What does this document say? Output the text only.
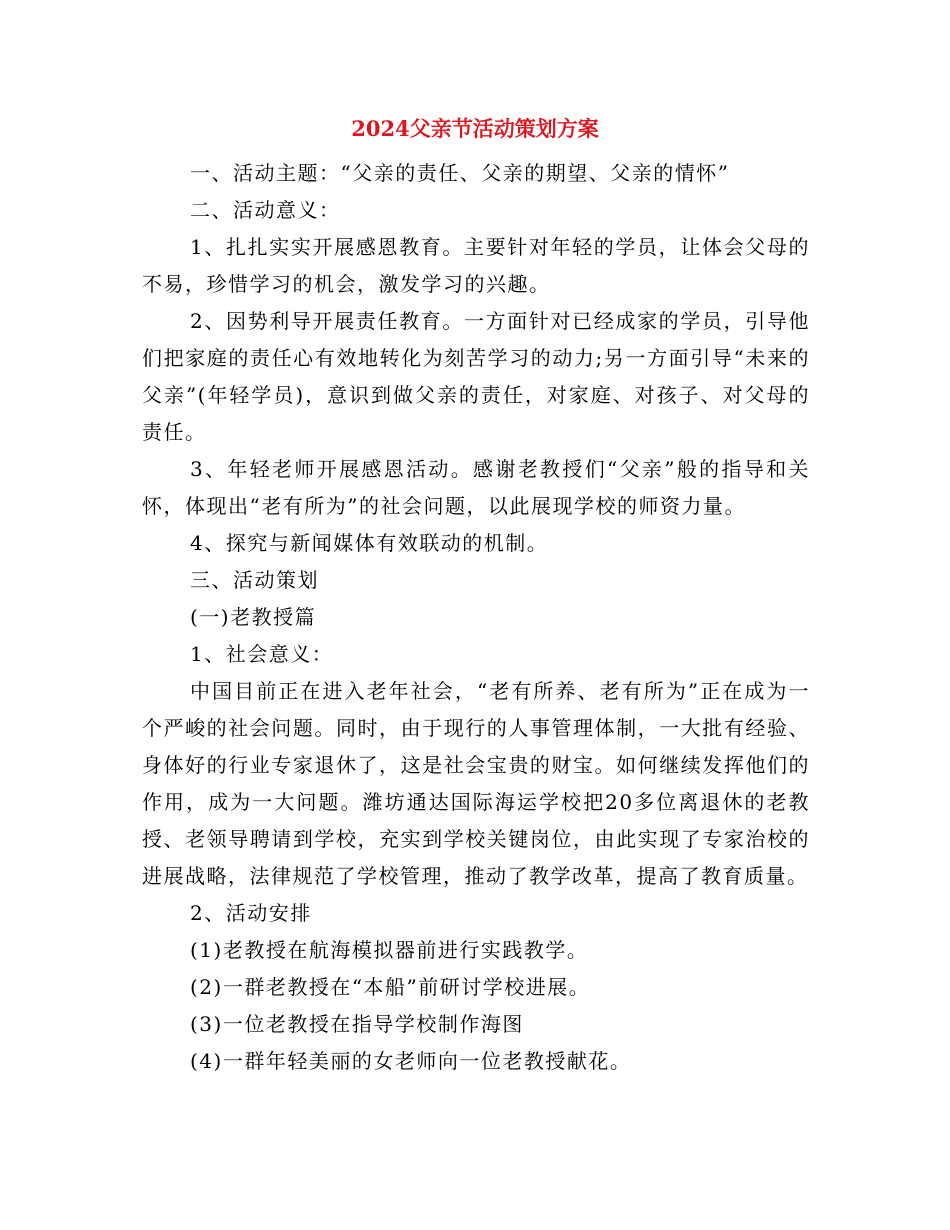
2024父亲节活动策划方案

一、活动主题：“父亲的责任、父亲的期望、父亲的情怀”

二、活动意义：

1、扎扎实实开展感恩教育。主要针对年轻的学员，让体会父母的不易，珍惜学习的机会，激发学习的兴趣。

2、因势利导开展责任教育。一方面针对已经成家的学员，引导他们把家庭的责任心有效地转化为刻苦学习的动力;另一方面引导“未来的父亲”(年轻学员)，意识到做父亲的责任，对家庭、对孩子、对父母的责任。

3、年轻老师开展感恩活动。感谢老教授们“父亲”般的指导和关怀，体现出“老有所为”的社会问题，以此展现学校的师资力量。

4、探究与新闻媒体有效联动的机制。

三、活动策划

(一)老教授篇

1、社会意义：

中国目前正在进入老年社会，“老有所养、老有所为”正在成为一个严峻的社会问题。同时，由于现行的人事管理体制，一大批有经验、身体好的行业专家退休了，这是社会宝贵的财宝。如何继续发挥他们的作用，成为一大问题。潍坊通达国际海运学校把20多位离退休的老教授、老领导聘请到学校，充实到学校关键岗位，由此实现了专家治校的进展战略，法律规范了学校管理，推动了教学改革，提高了教育质量。

2、活动安排

(1)老教授在航海模拟器前进行实践教学。

(2)一群老教授在“本船”前研讨学校进展。

(3)一位老教授在指导学校制作海图

(4)一群年轻美丽的女老师向一位老教授献花。
